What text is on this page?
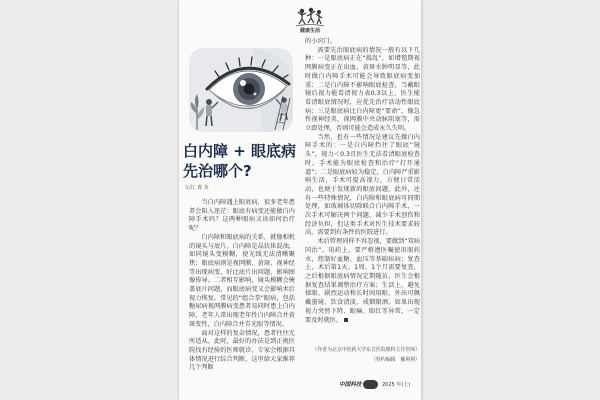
健康生活
白内障 + 眼底病
先治哪个?
文/江 睿 负

当白内障遇上眼底病，很多老年患者会陷入迷茫：眼底有病变还能做白内障手术吗？这两种眼病又该如何治疗呢？

白内障和眼底病的关系，就像相机的镜头与底片。白内障是晶状体混浊，如同镜头变模糊，使光线无法清晰聚焦；眼底病则是视网膜、黄斑、视神经等出现病变，好比底片出问题，影响图像传导。二者相互影响，镜头模糊会掩盖底片问题，而眼底病变又会影响术后视力恢复。常见的“组合拳”眼病，包括糖尿病视网膜病变患者易同时患上白内障，老年人常出现老年性白内障合并黄斑变性，白内障合并青光眼等情况。

面对这样的复杂情况，患者往往无所适从。此时，最好的办法是到正规医院找有经验的医师就诊，专家会根据具体情况进行综合判断，这里给大家推荐几个判断

的小窍门。

需要先治眼底病的情况一般有以下几种：一是眼底病正在“捣乱”，如增殖期视网膜病变正在出血、黄斑水肿明显等，此时做白内障手术可能会导致眼底病变加重；二是白内障不影响眼底检查，当戴眼镜后视力能看清视力表0.3以上，医生能看清眼底情况时，应优先治疗活动性眼底病；三是眼底病比白内障更“要命”，像急性视神经炎、视网膜中央动脉阻塞等，需立即处理，否则可能会造成永久失明。

当然，也有一些情况是建议先做白内障手术的：一是白内障挡住了眼底“镜头”，视力＜0.3且医生无法看清眼底检查时，手术能为眼底检查和治疗“打开通道”；二是眼底病较为稳定，白内障严重影响生活，手术可提高视力，方便日常活动，也便于发现新的眼底问题。此外，还有一些特殊情况，白内障和眼底病可同期处理，如玻璃体切除联合白内障手术，一次手术可解决两个问题，减少手术创伤和经济负担，但这类手术对医生技术要求较高，需要到有条件的医院进行。

术后管理同样不容忽视，要做到“双病同治”。用药上，要严格遵医嘱使用眼药水，控制好血糖、血压等基础疾病；复查上，术后第1天、1周、1个月需要复查，之后根据眼底病情况定期随访，医生会根据复查结果调整治疗方案；生活上，避免揉眼、剧烈运动和长时间用眼，外出可佩戴墨镜，饮食清淡，戒烟限酒。如果出现视力突然下降、眼痛、眼红等异常，一定要及时就医。

（作者为北京中医药大学东方医院眼科主任医师）
（特约编辑　戴利利）
中国科技	2025 年(上)
